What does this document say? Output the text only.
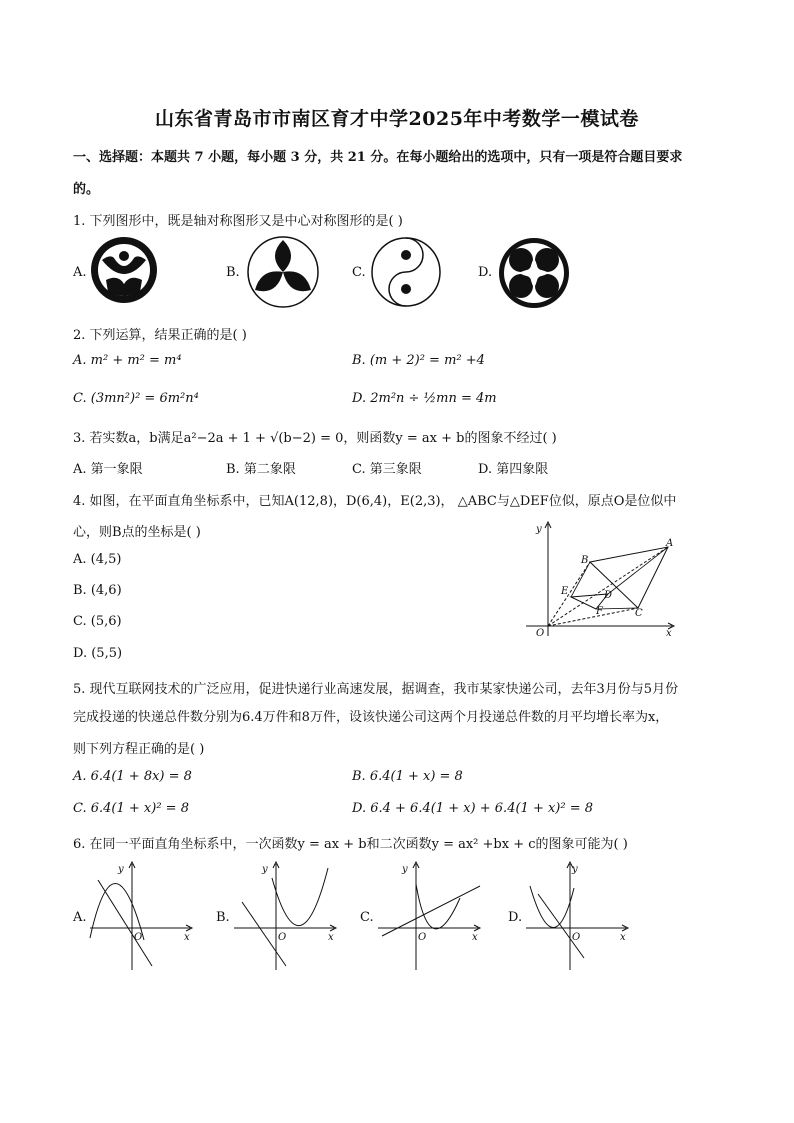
山东省青岛市市南区育才中学2025年中考数学一模试卷
一、选择题：本题共 7 小题，每小题 3 分，共 21 分。在每小题给出的选项中，只有一项是符合题目要求
的。
1. 下列图形中，既是轴对称图形又是中心对称图形的是( )
A.	B.	C.	D.
2. 下列运算，结果正确的是( )
A. m² + m² = m⁴	B. (m + 2)² = m² +4
C. (3mn²)² = 6m²n⁴	D. 2m²n ÷ ½mn = 4m
3. 若实数a，b满足a²−2a + 1 + √(b−2) = 0，则函数y = ax + b的图象不经过( )
A. 第一象限	B. 第二象限	C. 第三象限	D. 第四象限
4. 如图，在平面直角坐标系中，已知A(12,8)，D(6,4)，E(2,3)， △ABC与△DEF位似，原点O是位似中
心，则B点的坐标是( )
A. (4,5)
B. (4,6)
C. (5,6)
D. (5,5)
y
x
O
A
B
C
D
E
F
5. 现代互联网技术的广泛应用，促进快递行业高速发展，据调查，我市某家快递公司，去年3月份与5月份
完成投递的快递总件数分别为6.4万件和8万件，设该快递公司这两个月投递总件数的月平均增长率为x，
则下列方程正确的是( )
A. 6.4(1 + 8x) = 8	B. 6.4(1 + x) = 8
C. 6.4(1 + x)² = 8	D. 6.4 + 6.4(1 + x) + 6.4(1 + x)² = 8
6. 在同一平面直角坐标系中，一次函数y = ax + b和二次函数y = ax² +bx + c的图象可能为( )
A.
y
x
O
B.
y
x
O
C.
y
x
O
D.
y
x
O
